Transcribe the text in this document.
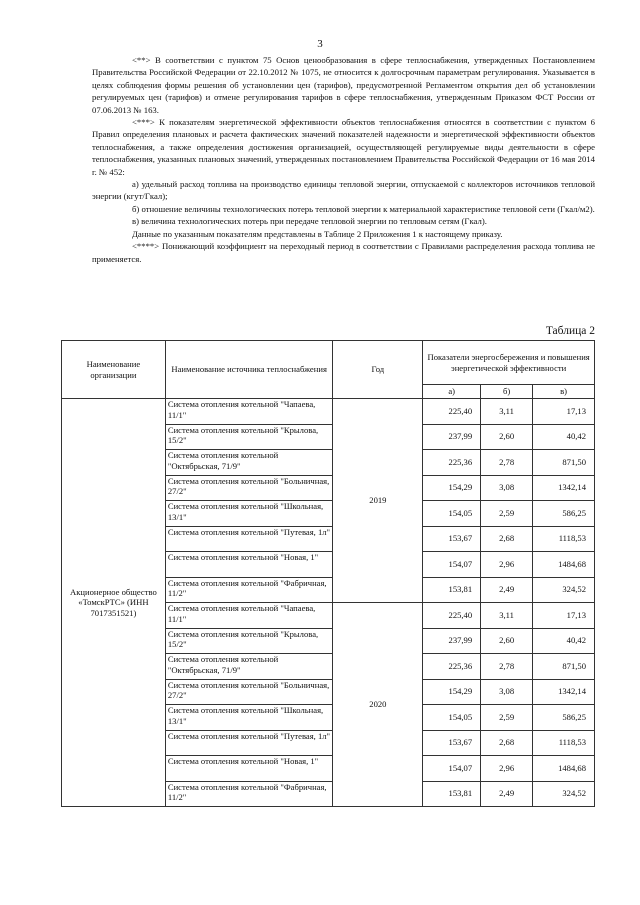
3

<**> В соответствии с пунктом 75 Основ ценообразования в сфере теплоснабжения, утвержденных Постановлением Правительства Российской Федерации от 22.10.2012 № 1075, не относится к долгосрочным параметрам регулирования. Указывается в целях соблюдения формы решения об установлении цен (тарифов), предусмотренной Регламентом открытия дел об установлении регулируемых цен (тарифов) и отмене регулирования тарифов в сфере теплоснабжения, утвержденным Приказом ФСТ России от 07.06.2013 № 163.

<***> К показателям энергетической эффективности объектов теплоснабжения относятся в соответствии с пунктом 6 Правил определения плановых и расчета фактических значений показателей надежности и энергетической эффективности объектов теплоснабжения, а также определения достижения организацией, осуществляющей регулируемые виды деятельности в сфере теплоснабжения, указанных плановых значений, утвержденных постановлением Правительства Российской Федерации от 16 мая 2014 г. № 452:

а) удельный расход топлива на производство единицы тепловой энергии, отпускаемой с коллекторов источников тепловой энергии (кгут/Гкал);

б) отношение величины технологических потерь тепловой энергии к материальной характеристике тепловой сети (Гкал/м2).

в) величина технологических потерь при передаче тепловой энергии по тепловым сетям (Гкал).

Данные по указанным показателям представлены в Таблице 2 Приложения 1 к настоящему приказу.

<****> Понижающий коэффициент на переходный период в соответствии с Правилами распределения расхода топлива не применяется.

Таблица 2
Наименование организации	Наименование источника теплоснабжения	Год	Показатели энергосбережения и повышения энергетической эффективности		
			а)	б)	в)
Акционерное общество «ТомскРТС» (ИНН 7017351521)	Система отопления котельной "Чапаева, 11/1"	2019	225,40	3,11	17,13
	Система отопления котельной "Крылова, 15/2"		237,99	2,60	40,42
	Система отопления котельной "Октябрьская, 71/9"		225,36	2,78	871,50
	Система отопления котельной "Больничная, 27/2"		154,29	3,08	1342,14
	Система отопления котельной "Школьная, 13/1"		154,05	2,59	586,25
	Система отопления котельной "Путевая, 1л"		153,67	2,68	1118,53
	Система отопления котельной "Новая, 1"		154,07	2,96	1484,68
	Система отопления котельной "Фабричная, 11/2"		153,81	2,49	324,52
	Система отопления котельной "Чапаева, 11/1"	2020	225,40	3,11	17,13
	Система отопления котельной "Крылова, 15/2"		237,99	2,60	40,42
	Система отопления котельной "Октябрьская, 71/9"		225,36	2,78	871,50
	Система отопления котельной "Больничная, 27/2"		154,29	3,08	1342,14
	Система отопления котельной "Школьная, 13/1"		154,05	2,59	586,25
	Система отопления котельной "Путевая, 1л"		153,67	2,68	1118,53
	Система отопления котельной "Новая, 1"		154,07	2,96	1484,68
	Система отопления котельной "Фабричная, 11/2"		153,81	2,49	324,52
